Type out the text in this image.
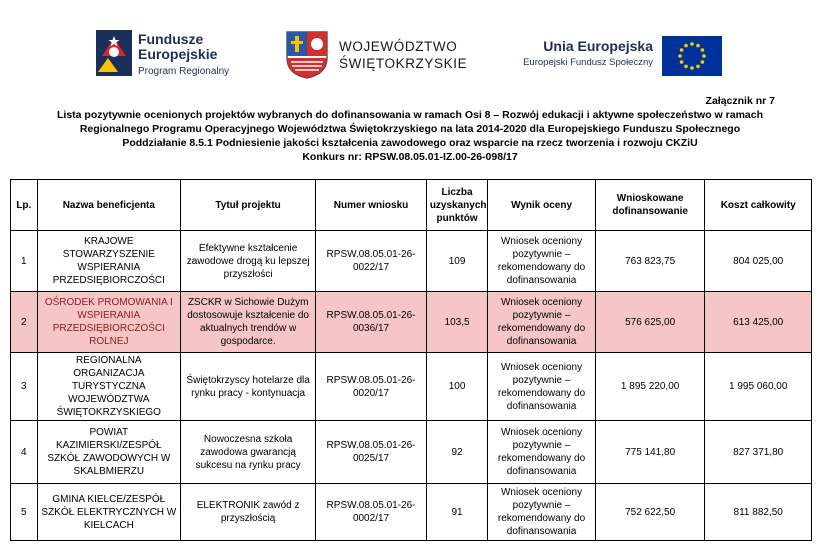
Fundusze
Europejskie
Program Regionalny
WOJEWÓDZTWO
ŚWIĘTOKRZYSKIE
Unia Europejska
Europejski Fundusz Społeczny
Załącznik nr 7
Lista pozytywnie ocenionych projektów wybranych do dofinansowania w ramach Osi 8 – Rozwój edukacji i aktywne społeczeństwo w ramach
Regionalnego Programu Operacyjnego Województwa Świętokrzyskiego na lata 2014-2020 dla Europejskiego Funduszu Społecznego
Poddziałanie 8.5.1 Podniesienie jakości kształcenia zawodowego oraz wsparcie na rzecz tworzenia i rozwoju CKZiU
Konkurs nr: RPSW.08.05.01-IZ.00-26-098/17
Lp.	Nazwa beneficjenta	Tytuł projektu	Numer wniosku	Liczba uzyskanych punktów	Wynik oceny	Wnioskowane dofinansowanie	Koszt całkowity
1	KRAJOWE STOWARZYSZENIE WSPIERANIA PRZEDSIĘBIORCZOŚCI	Efektywne kształcenie zawodowe drogą ku lepszej przyszłości	RPSW.08.05.01-26-0022/17	109	Wniosek oceniony pozytywnie – rekomendowany do dofinansowania	763 823,75	804 025,00
2	OŚRODEK PROMOWANIA I WSPIERANIA PRZEDSIĘBIORCZOŚCI ROLNEJ	ZSCKR w Sichowie Dużym dostosowuje kształcenie do aktualnych trendów w gospodarce.	RPSW.08.05.01-26-0036/17	103,5	Wniosek oceniony pozytywnie – rekomendowany do dofinansowania	576 625,00	613 425,00
3	REGIONALNA ORGANIZACJA TURYSTYCZNA WOJEWÓDZTWA ŚWIĘTOKRZYSKIEGO	Świętokrzyscy hotelarze dla rynku pracy - kontynuacja	RPSW.08.05.01-26-0020/17	100	Wniosek oceniony pozytywnie – rekomendowany do dofinansowania	1 895 220,00	1 995 060,00
4	POWIAT KAZIMIERSKI/ZESPÓŁ SZKÓŁ ZAWODOWYCH W SKALBMIERZU	Nowoczesna szkoła zawodowa gwarancją sukcesu na rynku pracy	RPSW.08.05.01-26-0025/17	92	Wniosek oceniony pozytywnie – rekomendowany do dofinansowania	775 141,80	827 371,80
5	GMINA KIELCE/ZESPÓŁ SZKÓŁ ELEKTRYCZNYCH W KIELCACH	ELEKTRONIK zawód z przyszłością	RPSW.08.05.01-26-0002/17	91	Wniosek oceniony pozytywnie – rekomendowany do dofinansowania	752 622,50	811 882,50
